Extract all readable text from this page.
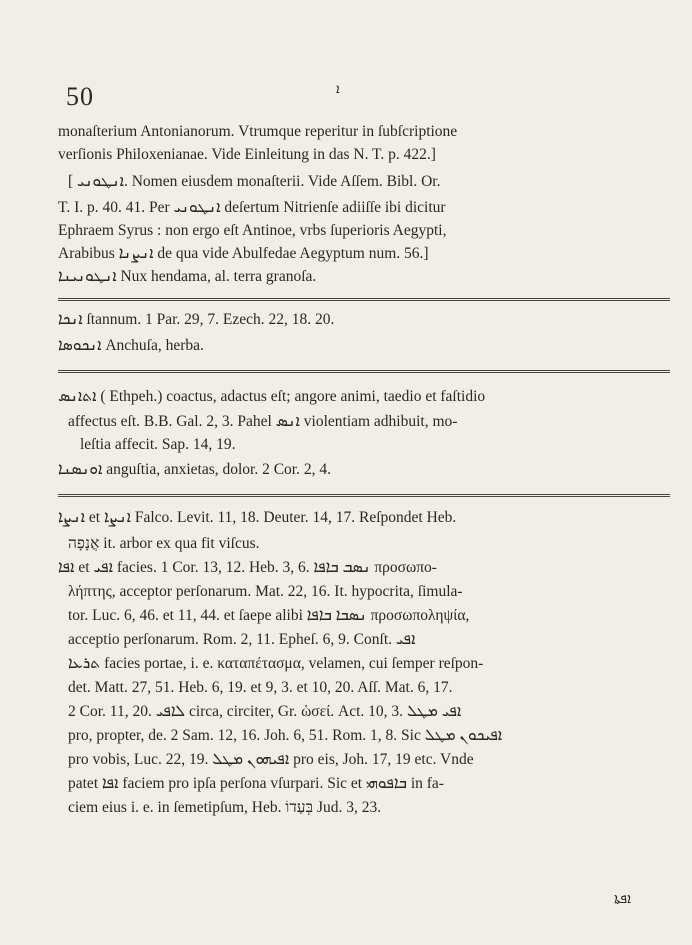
50	ܐ
monaſterium Antonianorum. Vtrumque reperitur in ſubſcriptione
verſionis Philoxenianae. Vide Einleitung in das N. T. p. 422.]
[ ܐܢܛܘܢܝ. Nomen eiusdem monaſterii. Vide Aſſem. Bibl. Or.
T. I. p. 40. 41. Per ܐܢܛܘܢܝ deſertum Nitrienſe adiiſſe ibi dicitur
Ephraem Syrus : non ergo eſt Antinoe, vrbs ſuperioris Aegypti,
Arabibus ܐܢܨܢܐ de qua vide Abulfedae Aegyptum num. 56.]
ܐܢܛܘܢܝܢܐ Nux hendama, al. terra granoſa.
ܐܢܟܐ ſtannum. 1 Par. 29, 7. Ezech. 22, 18. 20.
ܐܢܟܘܣܐ Anchuſa, herba.
ܐܬܐܢܣ ( Ethpeh.) coactus, adactus eſt; angore animi, taedio et faſtidio
affectus eſt. B.B. Gal. 2, 3. Pahel ܐܢܣ violentiam adhibuit, mo-
leſtia affecit. Sap. 14, 19.
ܐܘܢܣܢܐ anguſtia, anxietas, dolor. 2 Cor. 2, 4.
ܐܢܨܐ et ܐܢܨܐ Falco. Levit. 11, 18. Deuter. 14, 17. Reſpondet Heb.
אֲנָפָה it. arbor ex qua fit viſcus.
ܐܦܐ et ܐܦܝ facies. 1 Cor. 13, 12. Heb. 3, 6. ܢܣܒ ܒܐܦܐ προσωπο-
λήπτης, acceptor perſonarum. Mat. 22, 16. It. hypocrita, ſimula-
tor. Luc. 6, 46. et 11, 44. et ſaepe alibi ܢܣܒܐ ܒܐܦܐ προσωποληψία,
acceptio perſonarum. Rom. 2, 11. Epheſ. 6, 9. Conſt. ܐܦܝ
ܬܪܥܐ facies portae, i. e. καταπέτασμα, velamen, cui ſemper reſpon-
det. Matt. 27, 51. Heb. 6, 19. et 9, 3. et 10, 20. Aſſ. Mat. 6, 17.
2 Cor. 11, 20. ܠܐܦܝ circa, circiter, Gr. ὡσεί. Act. 10, 3. ܐܦܝ ܡܛܠ
pro, propter, de. 2 Sam. 12, 16. Joh. 6, 51. Rom. 1, 8. Sic ܐܦܝܟܘܢ ܡܛܠ
pro vobis, Luc. 22, 19. ܐܦܝܗܘܢ ܡܛܠ pro eis, Joh. 17, 19 etc. Vnde
patet ܐܦܐ faciem pro ipſa perſona vſurpari. Sic et ܒܐܦܘܗܝ in fa-
ciem eius i. e. in ſemetipſum, Heb. בְּעַדוֹ Jud. 3, 23.
ܐܦܬܐ
